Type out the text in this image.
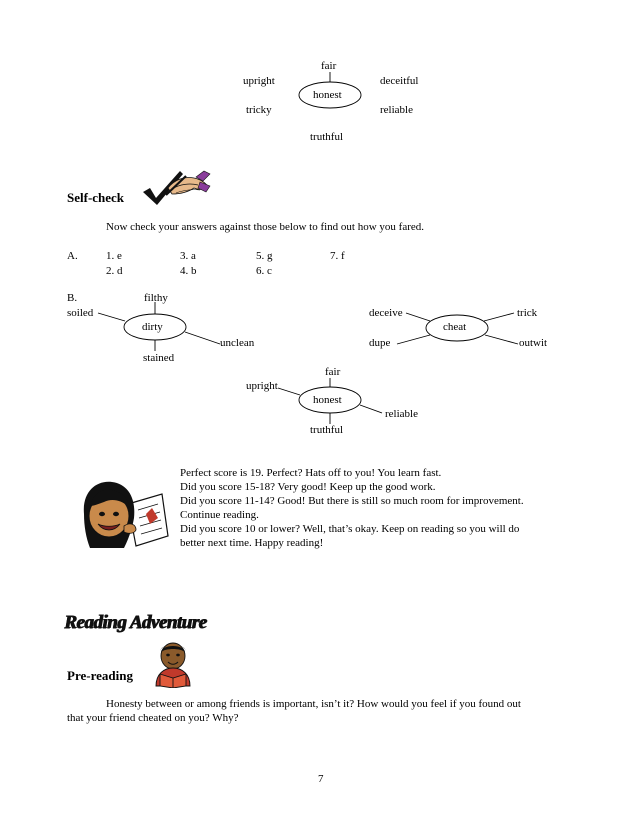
fair
upright	deceitful
honest
tricky	reliable
truthful
Self-check
Now check your answers against those below to find out how you fared.
A.	1. e	3. a	5. g	7. f
2. d	4. b	6. c
B.	filthy
soiled
dirty
unclean
stained
deceive	trick
cheat
dupe	outwit
fair
upright
honest
reliable
truthful
Perfect score is 19. Perfect? Hats off to you! You learn fast.
Did you score 15-18? Very good! Keep up the good work.
Did you score 11-14? Good! But there is still so much room for improvement.
Continue reading.
Did you score 10 or lower? Well, that’s okay. Keep on reading so you will do
better next time. Happy reading!
Reading Adventure
Pre-reading
Honesty between or among friends is important, isn’t it? How would you feel if you found out
that your friend cheated on you? Why?
7
